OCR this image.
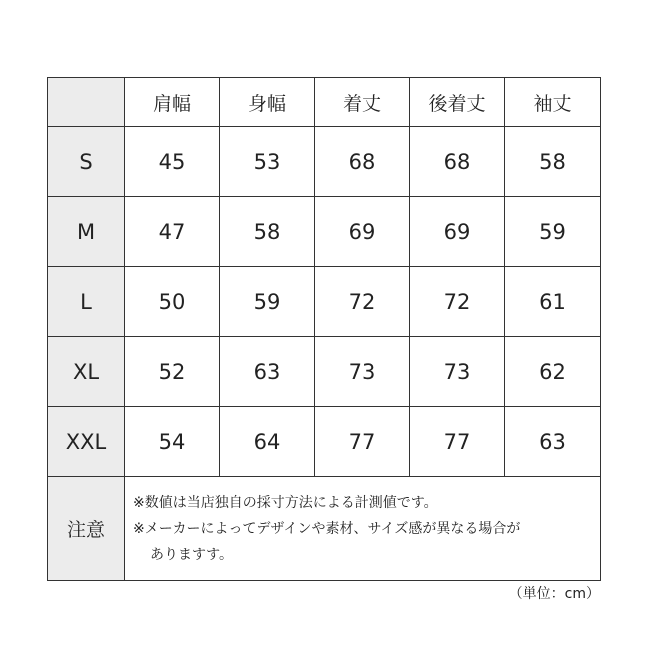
	肩幅	身幅	着丈	後着丈	袖丈
S	45	53	68	68	58
M	47	58	69	69	59
L	50	59	72	72	61
XL	52	63	73	73	62
XXL	54	64	77	77	63
注意	※数値は当店独自の採寸方法による計測値です。
※メーカーによってデザインや素材、サイズ感が異なる場合が
ありますす。				
（単位：cm）
